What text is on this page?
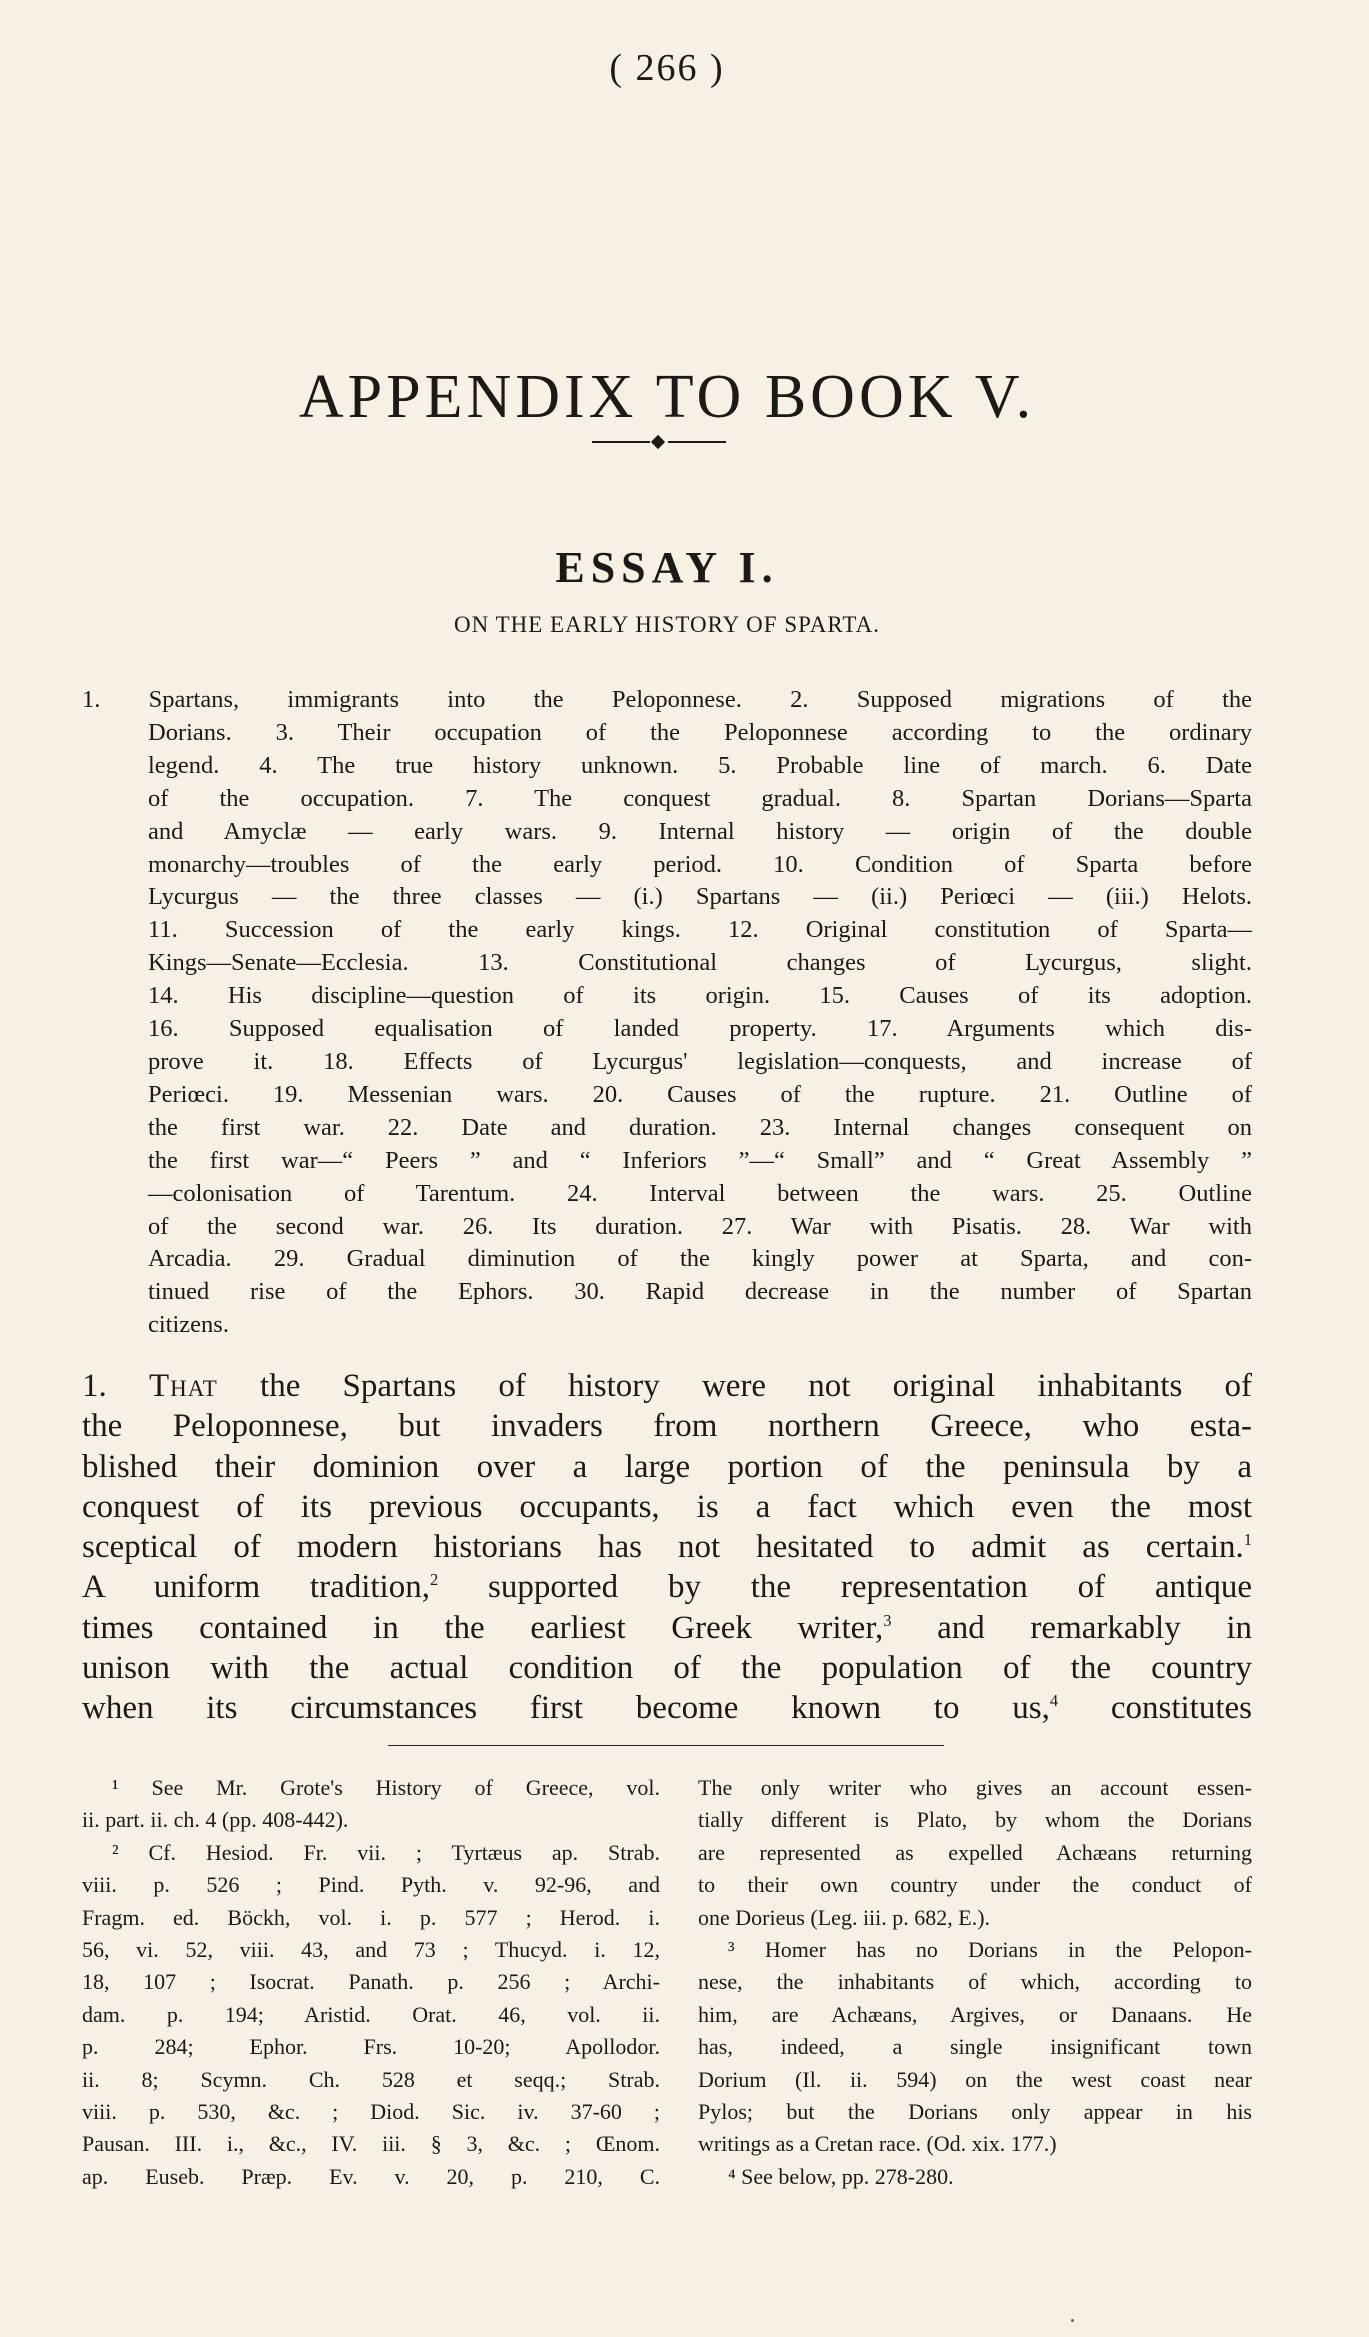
( 266 )
APPENDIX TO BOOK V.
ESSAY I.
ON THE EARLY HISTORY OF SPARTA.
1. Spartans, immigrants into the Peloponnese. 2. Supposed migrations of the
Dorians. 3. Their occupation of the Peloponnese according to the ordinary
legend. 4. The true history unknown. 5. Probable line of march. 6. Date
of the occupation. 7. The conquest gradual. 8. Spartan Dorians—Sparta
and Amyclæ — early wars. 9. Internal history — origin of the double
monarchy—troubles of the early period. 10. Condition of Sparta before
Lycurgus — the three classes — (i.) Spartans — (ii.) Periœci — (iii.) Helots.
11. Succession of the early kings. 12. Original constitution of Sparta—
Kings—Senate—Ecclesia. 13. Constitutional changes of Lycurgus, slight.
14. His discipline—question of its origin. 15. Causes of its adoption.
16. Supposed equalisation of landed property. 17. Arguments which dis-
prove it. 18. Effects of Lycurgus' legislation—conquests, and increase of
Periœci. 19. Messenian wars. 20. Causes of the rupture. 21. Outline of
the first war. 22. Date and duration. 23. Internal changes consequent on
the first war—“ Peers ” and “ Inferiors ”—“ Small” and “ Great Assembly ”
—colonisation of Tarentum. 24. Interval between the wars. 25. Outline
of the second war. 26. Its duration. 27. War with Pisatis. 28. War with
Arcadia. 29. Gradual diminution of the kingly power at Sparta, and con-
tinued rise of the Ephors. 30. Rapid decrease in the number of Spartan
citizens.
1. That the Spartans of history were not original inhabitants of
the Peloponnese, but invaders from northern Greece, who esta-
blished their dominion over a large portion of the peninsula by a
conquest of its previous occupants, is a fact which even the most
sceptical of modern historians has not hesitated to admit as certain.$^1$
A uniform tradition,$^2$ supported by the representation of antique
times contained in the earliest Greek writer,$^3$ and remarkably in
unison with the actual condition of the population of the country
when its circumstances first become known to us,$^4$ constitutes
¹ See Mr. Grote's History of Greece, vol.
ii. part. ii. ch. 4 (pp. 408-442).
² Cf. Hesiod. Fr. vii. ; Tyrtæus ap. Strab.
viii. p. 526 ; Pind. Pyth. v. 92-96, and
Fragm. ed. Böckh, vol. i. p. 577 ; Herod. i.
56, vi. 52, viii. 43, and 73 ; Thucyd. i. 12,
18, 107 ; Isocrat. Panath. p. 256 ; Archi-
dam. p. 194; Aristid. Orat. 46, vol. ii.
p. 284; Ephor. Frs. 10-20; Apollodor.
ii. 8; Scymn. Ch. 528 et seqq.; Strab.
viii. p. 530, &c. ; Diod. Sic. iv. 37-60 ;
Pausan. III. i., &c., IV. iii. § 3, &c. ; Œnom.
ap. Euseb. Præp. Ev. v. 20, p. 210, C.
The only writer who gives an account essen-
tially different is Plato, by whom the Dorians
are represented as expelled Achæans returning
to their own country under the conduct of
one Dorieus (Leg. iii. p. 682, E.).
³ Homer has no Dorians in the Pelopon-
nese, the inhabitants of which, according to
him, are Achæans, Argives, or Danaans. He
has, indeed, a single insignificant town
Dorium (Il. ii. 594) on the west coast near
Pylos; but the Dorians only appear in his
writings as a Cretan race. (Od. xix. 177.)
⁴ See below, pp. 278-280.
